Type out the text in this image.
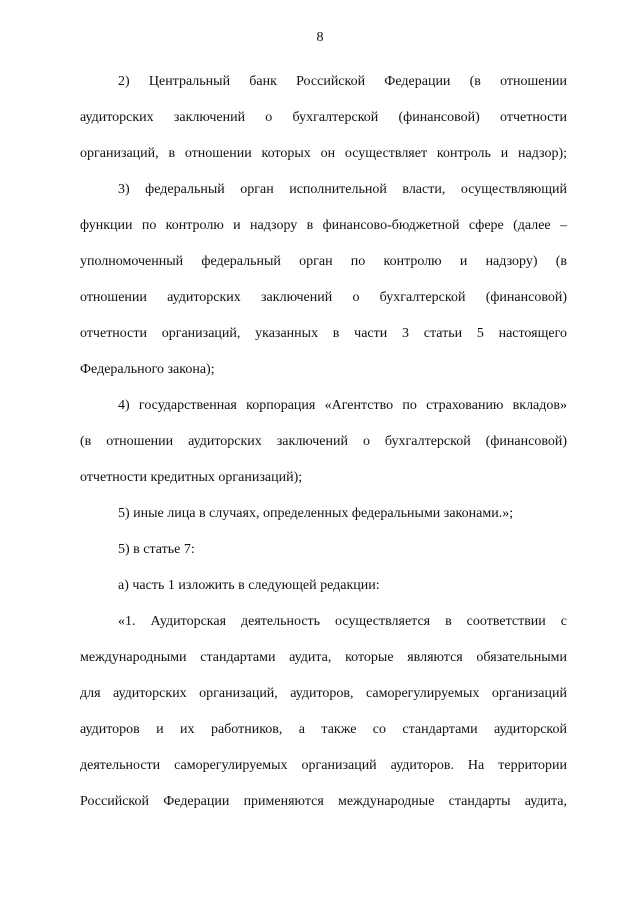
8
2) Центральный банк Российской Федерации (в отношении
аудиторских заключений о бухгалтерской (финансовой) отчетности
организаций, в отношении которых он осуществляет контроль и надзор);
3) федеральный орган исполнительной власти, осуществляющий
функции по контролю и надзору в финансово-бюджетной сфере (далее –
уполномоченный федеральный орган по контролю и надзору) (в
отношении аудиторских заключений о бухгалтерской (финансовой)
отчетности организаций, указанных в части 3 статьи 5 настоящего
Федерального закона);
4) государственная корпорация «Агентство по страхованию вкладов»
(в отношении аудиторских заключений о бухгалтерской (финансовой)
отчетности кредитных организаций);
5) иные лица в случаях, определенных федеральными законами.»;
5) в статье 7:
а) часть 1 изложить в следующей редакции:
«1. Аудиторская деятельность осуществляется в соответствии с
международными стандартами аудита, которые являются обязательными
для аудиторских организаций, аудиторов, саморегулируемых организаций
аудиторов и их работников, а также со стандартами аудиторской
деятельности саморегулируемых организаций аудиторов. На территории
Российской Федерации применяются международные стандарты аудита,
